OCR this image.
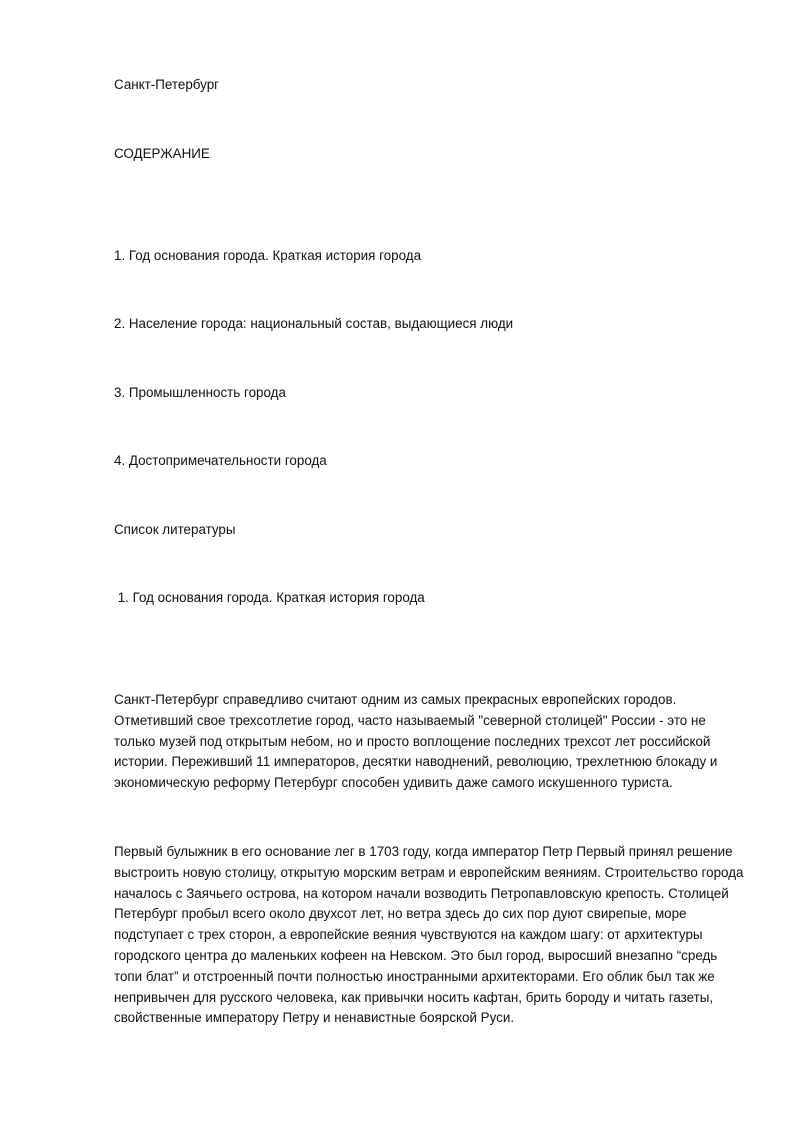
Санкт-Петербург
СОДЕРЖАНИЕ
1. Год основания города. Краткая история города
2. Население города: национальный состав, выдающиеся люди
3. Промышленность города
4. Достопримечательности города
Список литературы
1. Год основания города. Краткая история города
Санкт-Петербург справедливо считают одним из самых прекрасных европейских городов. Отметивший свое трехсотлетие город, часто называемый "северной столицей" России - это не только музей под открытым небом, но и просто воплощение последних трехсот лет российской истории. Переживший 11 императоров, десятки наводнений, революцию, трехлетнюю блокаду и экономическую реформу Петербург способен удивить даже самого искушенного туриста.
Первый булыжник в его основание лег в 1703 году, когда император Петр Первый принял решение выстроить новую столицу, открытую морским ветрам и европейским веяниям. Строительство города началось с Заячьего острова, на котором начали возводить Петропавловскую крепость. Столицей Петербург пробыл всего около двухсот лет, но ветра здесь до сих пор дуют свирепые, море подступает с трех сторон, а европейские веяния чувствуются на каждом шагу: от архитектуры городского центра до маленьких кофеен на Невском. Это был город, выросший внезапно “средь топи блат” и отстроенный почти полностью иностранными архитекторами. Его облик был так же непривычен для русского человека, как привычки носить кафтан, брить бороду и читать газеты, свойственные императору Петру и ненавистные боярской Руси.
